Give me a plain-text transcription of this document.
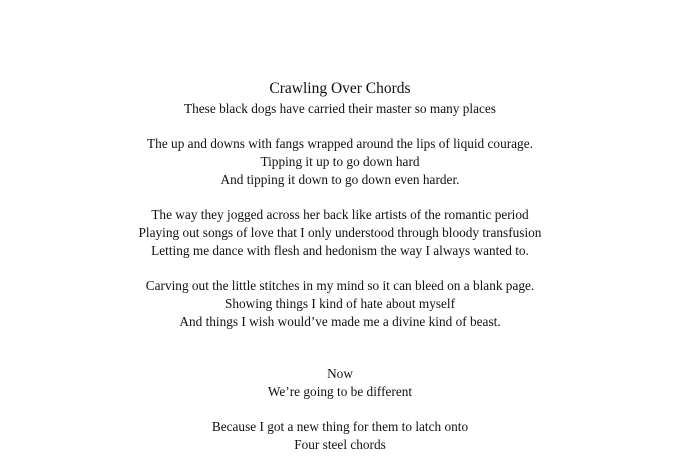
Crawling Over Chords
These black dogs have carried their master so many places
The up and downs with fangs wrapped around the lips of liquid courage.
Tipping it up to go down hard
And tipping it down to go down even harder.
The way they jogged across her back like artists of the romantic period
Playing out songs of love that I only understood through bloody transfusion
Letting me dance with flesh and hedonism the way I always wanted to.
Carving out the little stitches in my mind so it can bleed on a blank page.
Showing things I kind of hate about myself
And things I wish would’ve made me a divine kind of beast.
Now
We’re going to be different
Because I got a new thing for them to latch onto
Four steel chords
